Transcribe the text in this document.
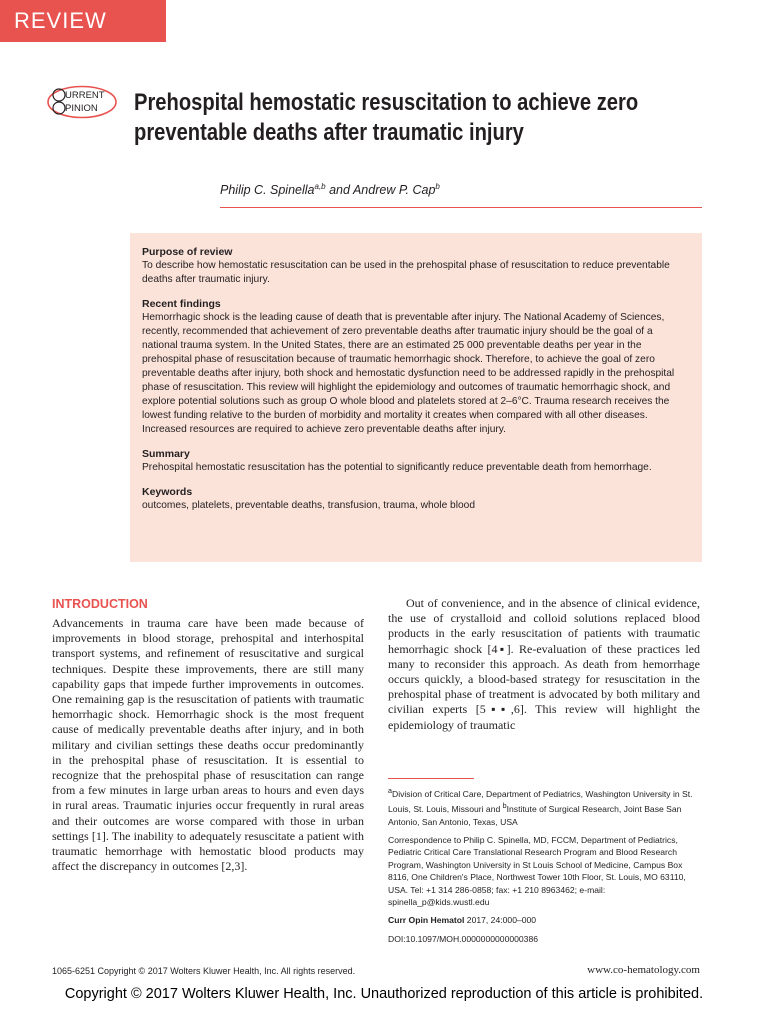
REVIEW
URRENT
PINION Prehospital hemostatic resuscitation to achieve zero preventable deaths after traumatic injury
Philip C. Spinella$^{a,b}$ and Andrew P. Cap$^b$
Purpose of review

To describe how hemostatic resuscitation can be used in the prehospital phase of resuscitation to reduce preventable deaths after traumatic injury.

Recent findings

Hemorrhagic shock is the leading cause of death that is preventable after injury. The National Academy of Sciences, recently, recommended that achievement of zero preventable deaths after traumatic injury should be the goal of a national trauma system. In the United States, there are an estimated 25 000 preventable deaths per year in the prehospital phase of resuscitation because of traumatic hemorrhagic shock. Therefore, to achieve the goal of zero preventable deaths after injury, both shock and hemostatic dysfunction need to be addressed rapidly in the prehospital phase of resuscitation. This review will highlight the epidemiology and outcomes of traumatic hemorrhagic shock, and explore potential solutions such as group O whole blood and platelets stored at 2–6°C. Trauma research receives the lowest funding relative to the burden of morbidity and mortality it creates when compared with all other diseases. Increased resources are required to achieve zero preventable deaths after injury.

Summary

Prehospital hemostatic resuscitation has the potential to significantly reduce preventable death from hemorrhage.

Keywords

outcomes, platelets, preventable deaths, transfusion, trauma, whole blood

INTRODUCTION

Advancements in trauma care have been made because of improvements in blood storage, prehospital and interhospital transport systems, and refinement of resuscitative and surgical techniques. Despite these improvements, there are still many capability gaps that impede further improvements in outcomes. One remaining gap is the resuscitation of patients with traumatic hemorrhagic shock. Hemorrhagic shock is the most frequent cause of medically preventable deaths after injury, and in both military and civilian settings these deaths occur predominantly in the prehospital phase of resuscitation. It is essential to recognize that the prehospital phase of resuscitation can range from a few minutes in large urban areas to hours and even days in rural areas. Traumatic injuries occur frequently in rural areas and their outcomes are worse compared with those in urban settings [1]. The inability to adequately resuscitate a patient with traumatic hemorrhage with hemostatic blood products may affect the discrepancy in outcomes [2,3].

Out of convenience, and in the absence of clinical evidence, the use of crystalloid and colloid solutions replaced blood products in the early resuscitation of patients with traumatic hemorrhagic shock [4▪]. Re-evaluation of these practices led many to reconsider this approach. As death from hemorrhage occurs quickly, a blood-based strategy for resuscitation in the prehospital phase of treatment is advocated by both military and civilian experts [5▪▪,6]. This review will highlight the epidemiology of traumatic

$^a$Division of Critical Care, Department of Pediatrics, Washington University in St. Louis, St. Louis, Missouri and $^b$Institute of Surgical Research, Joint Base San Antonio, San Antonio, Texas, USA

Correspondence to Philip C. Spinella, MD, FCCM, Department of Pediatrics, Pediatric Critical Care Translational Research Program and Blood Research Program, Washington University in St Louis School of Medicine, Campus Box 8116, One Children's Place, Northwest Tower 10th Floor, St. Louis, MO 63110, USA. Tel: +1 314 286-0858; fax: +1 210 8963462; e-mail: spinella_p@kids.wustl.edu

Curr Opin Hematol 2017, 24:000–000

DOI:10.1097/MOH.0000000000000386

1065-6251 Copyright © 2017 Wolters Kluwer Health, Inc. All rights reserved.	www.co-hematology.com
Copyright © 2017 Wolters Kluwer Health, Inc. Unauthorized reproduction of this article is prohibited.
